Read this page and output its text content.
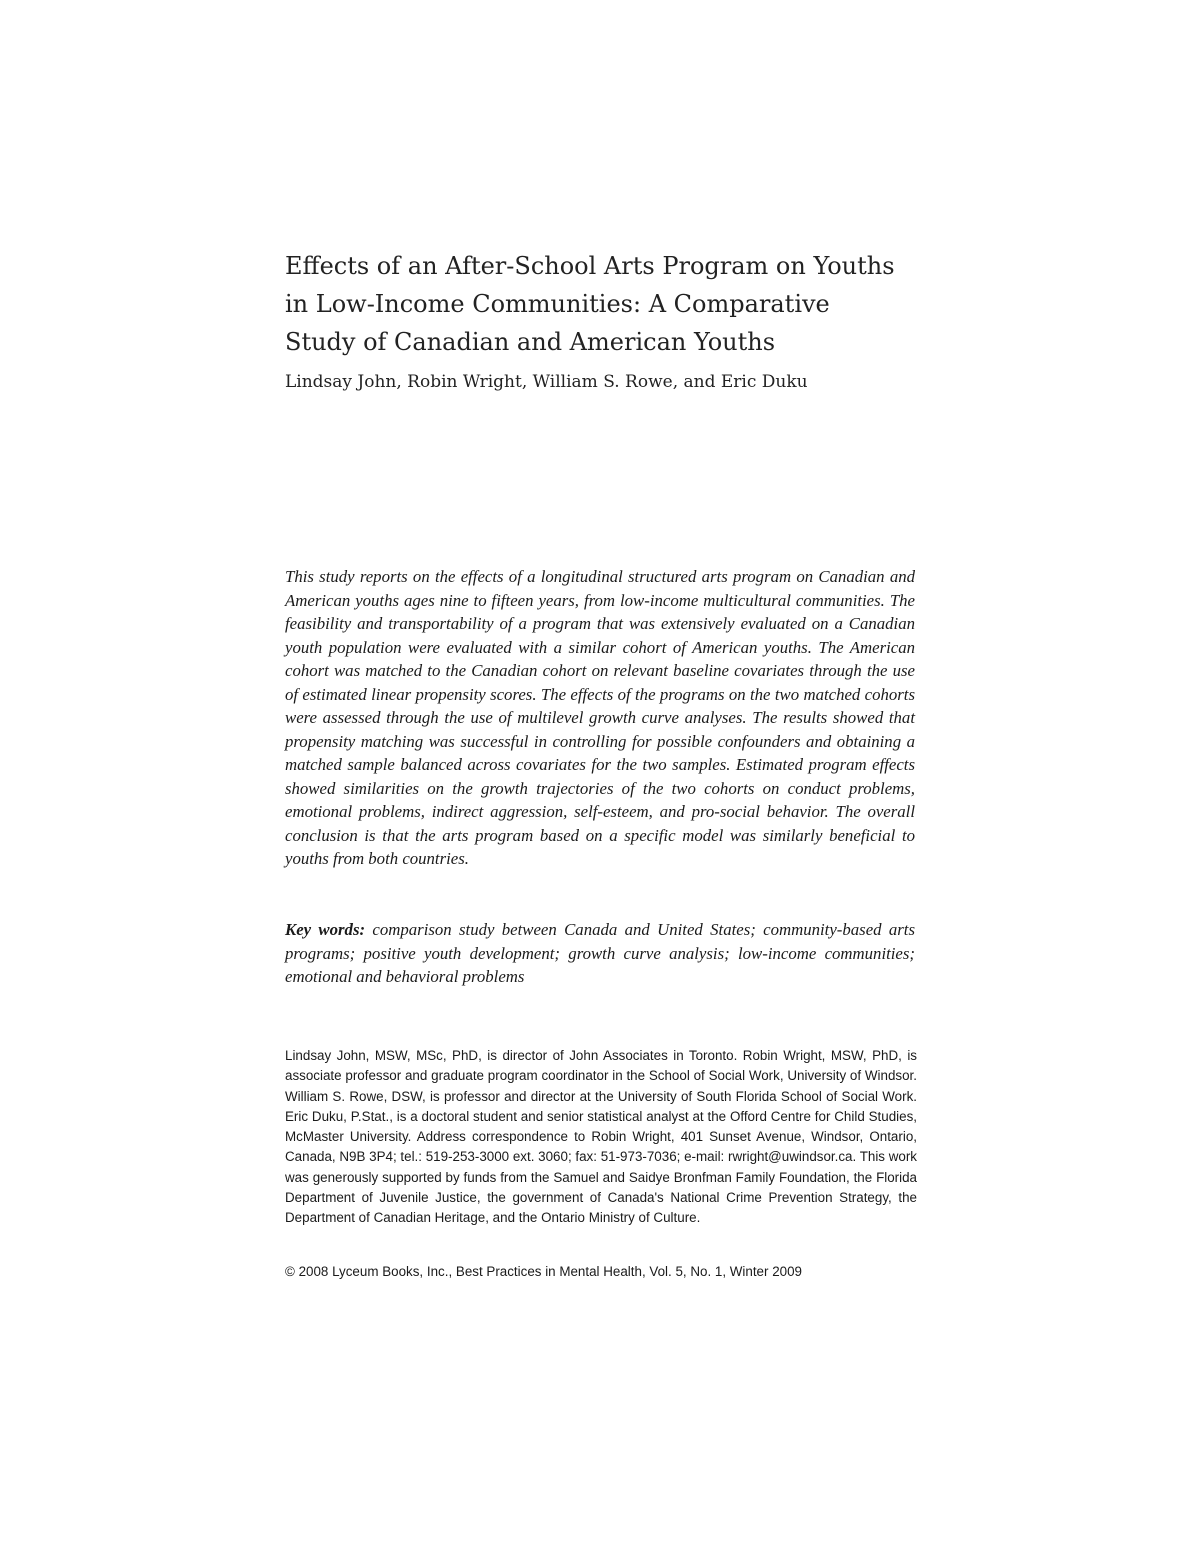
Effects of an After-School Arts Program on Youths
in Low-Income Communities: A Comparative
Study of Canadian and American Youths

Lindsay John, Robin Wright, William S. Rowe, and Eric Duku

This study reports on the effects of a longitudinal structured arts program on Canadian and American youths ages nine to fifteen years, from low-income multicultural communities. The feasibility and transportability of a program that was extensively evaluated on a Canadian youth population were evaluated with a similar cohort of American youths. The American cohort was matched to the Canadian cohort on relevant baseline covariates through the use of estimated linear propensity scores. The effects of the programs on the two matched cohorts were assessed through the use of multilevel growth curve analyses. The results showed that propensity matching was successful in controlling for possible confounders and obtaining a matched sample balanced across covariates for the two samples. Estimated program effects showed similarities on the growth trajectories of the two cohorts on conduct problems, emotional problems, indirect aggression, self-esteem, and pro-social behavior. The overall conclusion is that the arts program based on a specific model was similarly beneficial to youths from both countries.

Key words: comparison study between Canada and United States; community-based arts programs; positive youth development; growth curve analysis; low-income communities; emotional and behavioral problems

Lindsay John, MSW, MSc, PhD, is director of John Associates in Toronto. Robin Wright, MSW, PhD, is associate professor and graduate program coordinator in the School of Social Work, University of Windsor. William S. Rowe, DSW, is professor and director at the University of South Florida School of Social Work. Eric Duku, P.Stat., is a doctoral student and senior statistical analyst at the Offord Centre for Child Studies, McMaster University. Address correspondence to Robin Wright, 401 Sunset Avenue, Windsor, Ontario, Canada, N9B 3P4; tel.: 519-253-3000 ext. 3060; fax: 51-973-7036; e-mail: rwright@uwindsor.ca. This work was generously supported by funds from the Samuel and Saidye Bronfman Family Foundation, the Florida Department of Juvenile Justice, the government of Canada's National Crime Prevention Strategy, the Department of Canadian Heritage, and the Ontario Ministry of Culture.

© 2008 Lyceum Books, Inc., Best Practices in Mental Health, Vol. 5, No. 1, Winter 2009
